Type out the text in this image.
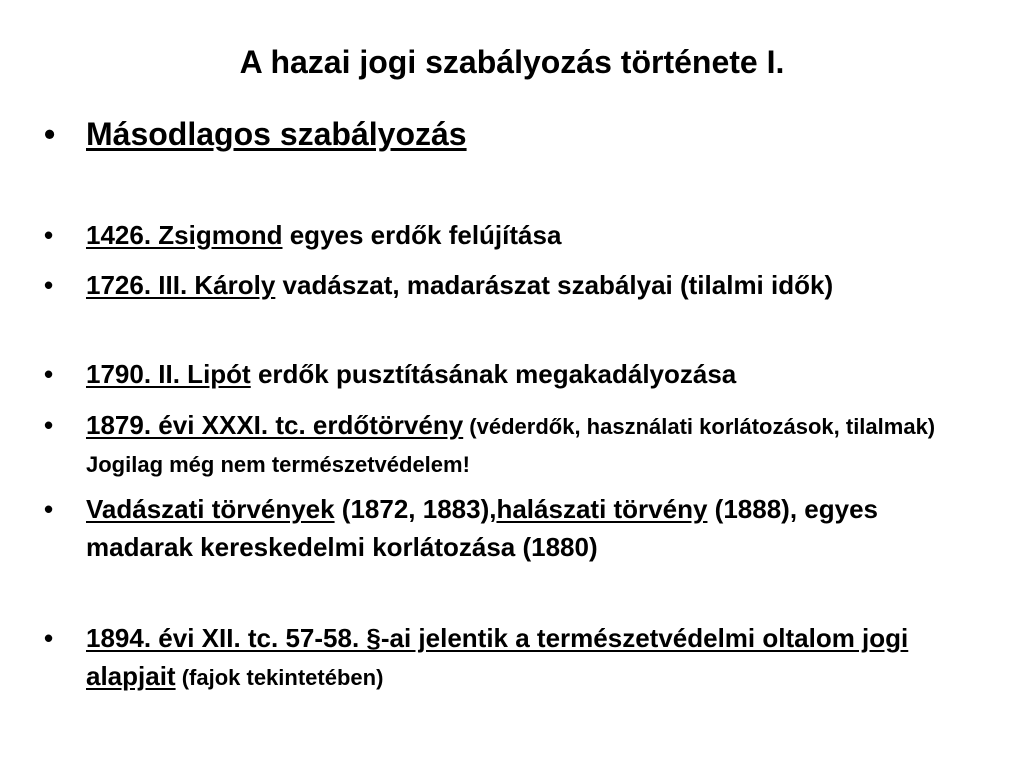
A hazai jogi szabályozás története I.
• Másodlagos szabályozás
•	1426. Zsigmond egyes erdők felújítása
•	1726. III. Károly vadászat, madarászat szabályai (tilalmi idők)
•	1790. II. Lipót erdők pusztításának megakadályozása
•	1879. évi XXXI. tc. erdőtörvény (véderdők, használati korlátozások, tilalmak) Jogilag még nem természetvédelem!
•	Vadászati törvények (1872, 1883),halászati törvény (1888), egyes madarak kereskedelmi korlátozása (1880)
•	1894. évi XII. tc. 57-58. §-ai jelentik a természetvédelmi oltalom jogi alapjait (fajok tekintetében)
